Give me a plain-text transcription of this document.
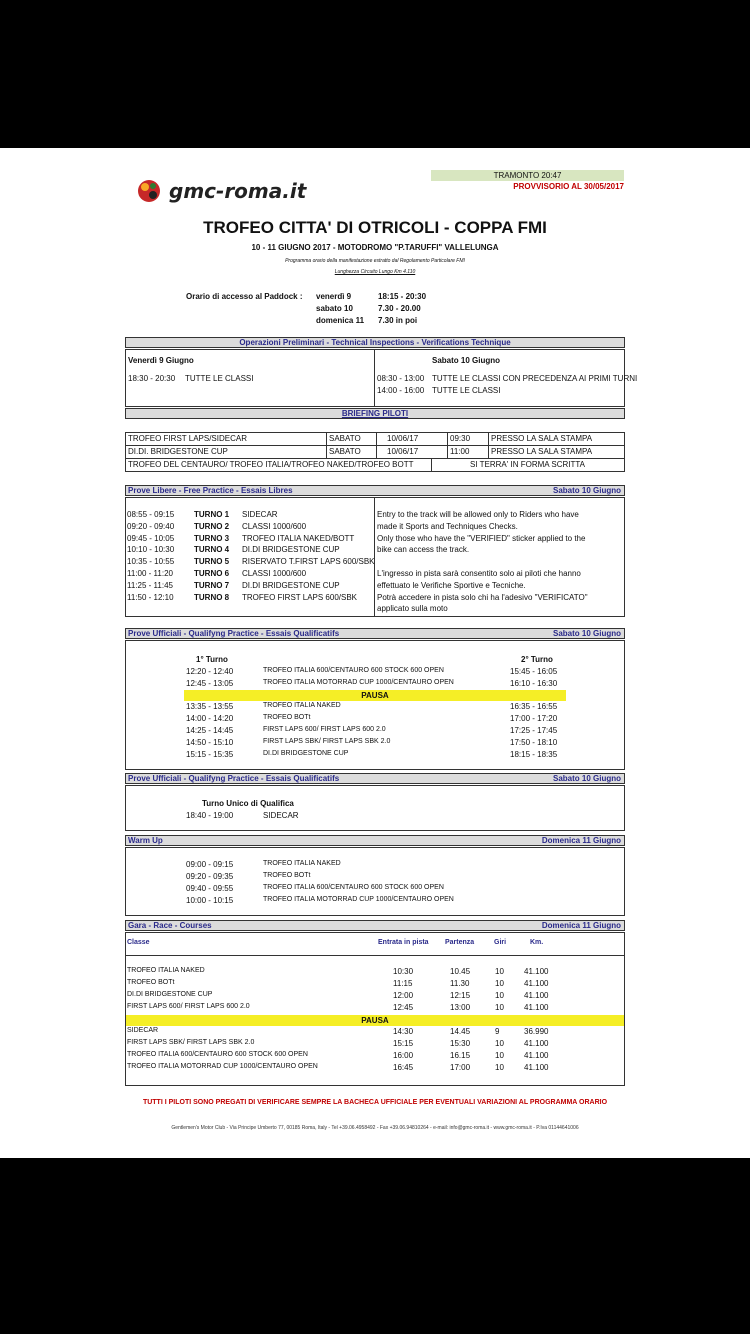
TRAMONTO 20:47
PROVVISORIO AL 30/05/2017
gmc-roma.it
TROFEO CITTA' DI OTRICOLI - COPPA FMI
10 - 11 GIUGNO 2017 - MOTODROMO "P.TARUFFI" VALLELUNGA
Programma orario della manifestazione estratto dal Regolamento Particolare FMI
Lunghezza Circuito Lungo Km 4.110
Orario di accesso al Paddock :
Operazioni Preliminari - Technical Inspections - Verifications Technique
Venerdì 9 Giugno	Sabato 10 Giugno
BRIEFING PILOTI
Prove Libere - Free Practice - Essais Libres	Sabato 10 Giugno
Prove Ufficiali - Qualifyng Practice - Essais Qualificatifs	Sabato 10 Giugno
1° Turno	2° Turno
Prove Ufficiali - Qualifyng Practice - Essais Qualificatifs	Sabato 10 Giugno
Turno Unico di Qualifica
18:40 - 19:00	SIDECAR
Warm Up	Domenica 11 Giugno
Gara - Race - Courses	Domenica 11 Giugno
TUTTI I PILOTI SONO PREGATI DI VERIFICARE SEMPRE LA BACHECA UFFICIALE PER EVENTUALI VARIAZIONI AL PROGRAMMA ORARIO
Gentlemen's Motor Club - Via Principe Umberto 77, 00185 Roma, Italy - Tel +39.06.4958492 - Fax +39.06.94810264 - e-mail: info@gmc-roma.it - www.gmc-roma.it - P.Iva 01144641006
venerdì 9	18:15 - 20:30
sabato 10	7.30 - 20.00
domenica 11 7.30 in poi
18:30 - 20:30 TUTTE LE CLASSI	08:30 - 13:00 TUTTE LE CLASSI CON PRECEDENZA AI PRIMI TURNI
14:00 - 16:00 TUTTE LE CLASSI
TROFEO FIRST LAPS/SIDECAR	SABATO	10/06/17	09:30	PRESSO LA SALA STAMPA
DI.DI. BRIDGESTONE CUP	SABATO	10/06/17	11:00	PRESSO LA SALA STAMPA
TROFEO DEL CENTAURO/ TROFEO ITALIA/TROFEO NAKED/TROFEO BOTT	SI TERRA' IN FORMA SCRITTA
08:55 - 09:15 TURNO 1 SIDECAR
09:20 - 09:40 TURNO 2 CLASSI 1000/600
09:45 - 10:05 TURNO 3 TROFEO ITALIA NAKED/BOTT
10:10 - 10:30 TURNO 4 DI.DI BRIDGESTONE CUP
10:35 - 10:55 TURNO 5 RISERVATO T.FIRST LAPS 600/SBK
11:00 - 11:20	TURNO 6 CLASSI 1000/600
11:25 - 11:45	TURNO 7 DI.DI BRIDGESTONE CUP
11:50 - 12:10	TURNO 8 TROFEO FIRST LAPS 600/SBK
Entry to the track will be allowed only to Riders who have
made it Sports and Techniques Checks.
Only those who have the "VERIFIED" sticker applied to the
bike can access the track.
L'ingresso in pista sarà consentito solo ai piloti che hanno
effettuato le Verifiche Sportive e Tecniche.
Potrà accedere in pista solo chi ha l'adesivo "VERIFICATO"
applicato sulla moto
12:20 - 12:40	TROFEO ITALIA 600/CENTAURO 600 STOCK 600 OPEN	15:45 - 16:05
12:45 - 13:05	TROFEO ITALIA MOTORRAD CUP 1000/CENTAURO OPEN	16:10 - 16:30
PAUSA
13:35 - 13:55	TROFEO ITALIA NAKED	16:35 - 16:55
14:00 - 14:20	TROFEO BOTt	17:00 - 17:20
14:25 - 14:45	FIRST LAPS 600/ FIRST LAPS 600 2.0	17:25 - 17:45
14:50 - 15:10	FIRST LAPS SBK/ FIRST LAPS SBK 2.0	17:50 - 18:10
15:15 - 15:35	DI.DI BRIDGESTONE CUP	18:15 - 18:35
09:00 - 09:15	TROFEO ITALIA NAKED
09:20 - 09:35	TROFEO BOTt
09:40 - 09:55	TROFEO ITALIA 600/CENTAURO 600 STOCK 600 OPEN
10:00 - 10:15	TROFEO ITALIA MOTORRAD CUP 1000/CENTAURO OPEN
Classe	Entrata in pista Partenza	Giri	Km.
TROFEO ITALIA NAKED	10:30	10.45	10	41.100
TROFEO BOTt	11:15	11.30	10	41.100
DI.DI BRIDGESTONE CUP	12:00	12:15	10	41.100
FIRST LAPS 600/ FIRST LAPS 600 2.0	12:45	13:00	10	41.100
PAUSA
SIDECAR	14:30	14.45	9	36.990
FIRST LAPS SBK/ FIRST LAPS SBK 2.0	15:15	15:30	10	41.100
TROFEO ITALIA 600/CENTAURO 600 STOCK 600 OPEN	16:00	16.15	10	41.100
TROFEO ITALIA MOTORRAD CUP 1000/CENTAURO OPEN	16:45	17:00	10	41.100
